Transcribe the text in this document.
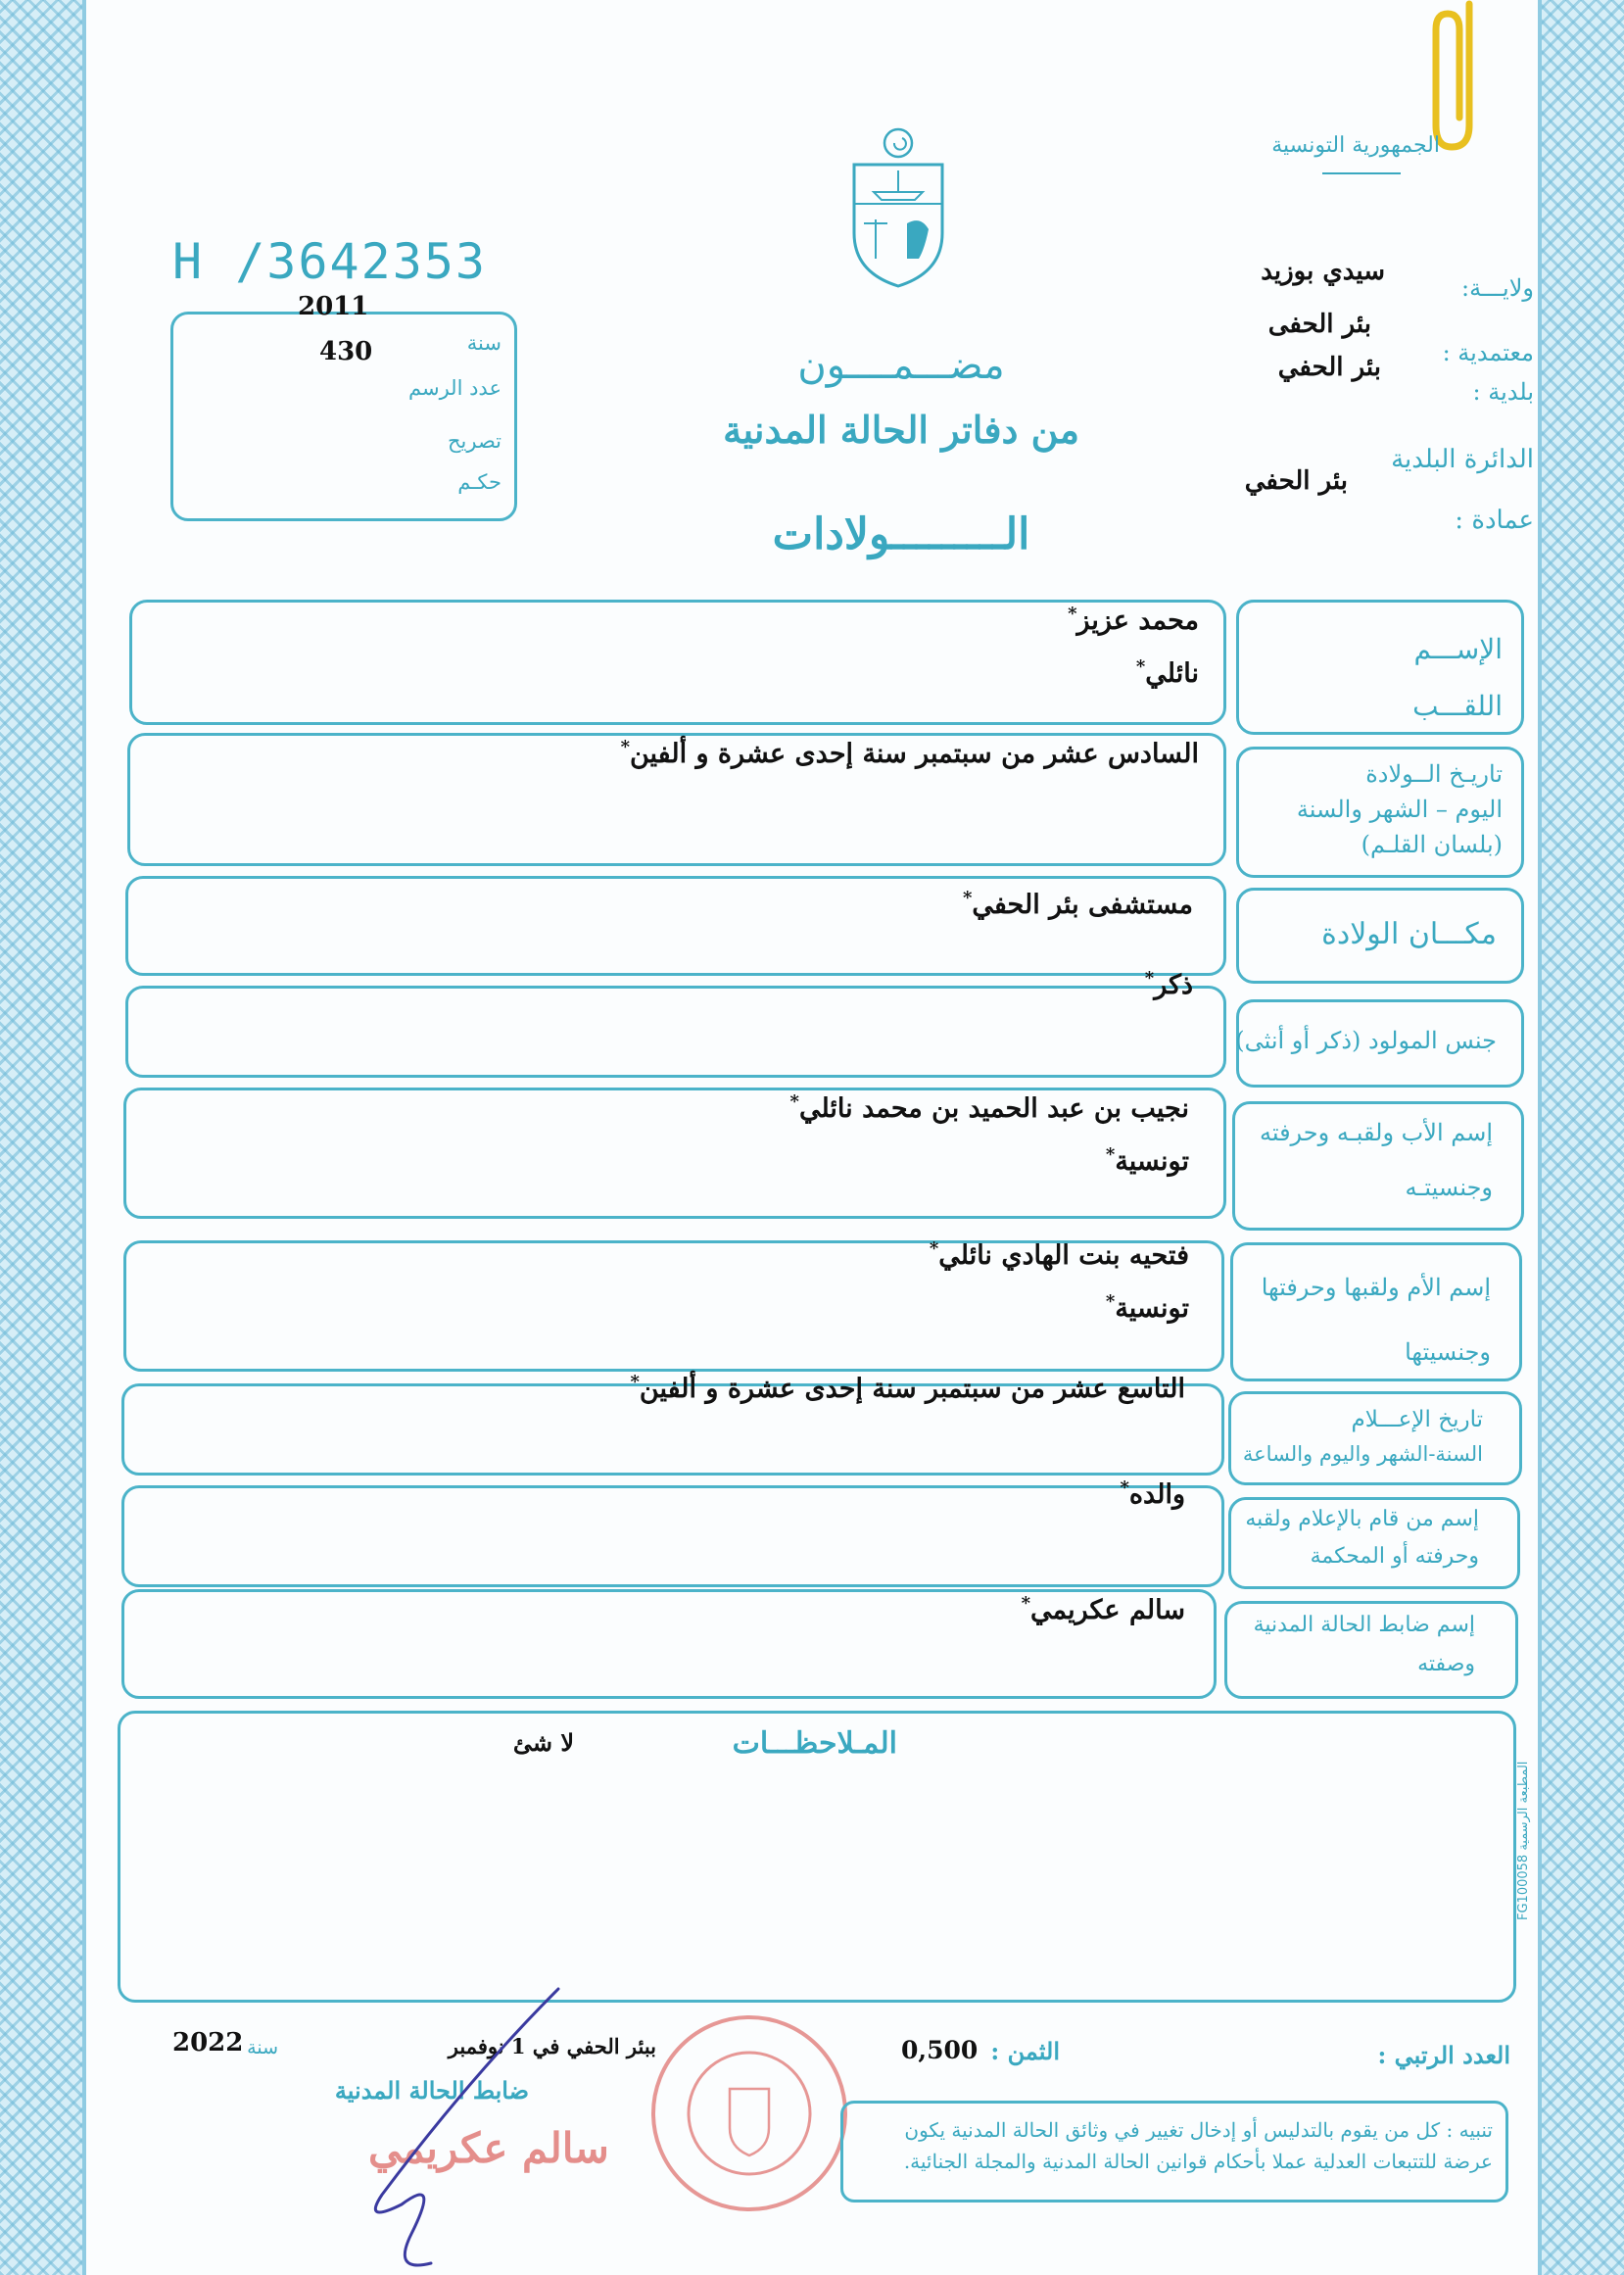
الجمهورية التونسية
H /3642353
2011
430	سنة
عدد الرسم
تصريح
حكـم
مضـــمــــون
من دفاتر الحالة المدنية
الـــــــــولادات
ولايـــة:
سيدي بوزيد
معتمدية :
بئر الحفى
بلدية :
بئر الحفي
الدائرة البلدية
بئر الحفي
عمادة :
الإســـم
اللقـــب
محمد عزيز*
نائلي*
تاريـخ الــولادة
اليوم – الشهر والسنة
(بلسان القلـم)
السادس عشر من سبتمبر سنة إحدى عشرة و ألفين*
مكـــان الولادة
مستشفى بئر الحفي*
جنس المولود (ذكر أو أنثى)
ذكر*
إسم الأب ولقبـه وحرفته
وجنسيتـه
نجيب بن عبد الحميد بن محمد نائلي*
تونسية*
إسم الأم ولقبها وحرفتها
وجنسيتها
فتحيه بنت الهادي نائلي*
تونسية*
تاريخ الإعـــلام
السنة-الشهر واليوم والساعة
التاسع عشر من سبتمبر سنة إحدى عشرة و ألفين*
إسم من قام بالإعلام ولقبه
وحرفته أو المحكمة
والده*
إسم ضابط الحالة المدنية
وصفته
سالم عكريمي*
المـلاحظـــات
لا شئ
المطبعة الرسمية FG100058
العدد الرتبي :
الثمن :
0,500
ببئر الحفي في 1 نوفمبر
سنة
2022
ضابط الحالة المدنية
سالم عكريمي	تنبيه : كل من يقوم بالتدليس أو إدخال تغيير في وثائق الحالة المدنية يكون عرضة للتتبعات العدلية عملا بأحكام قوانين الحالة المدنية والمجلة الجنائية.
